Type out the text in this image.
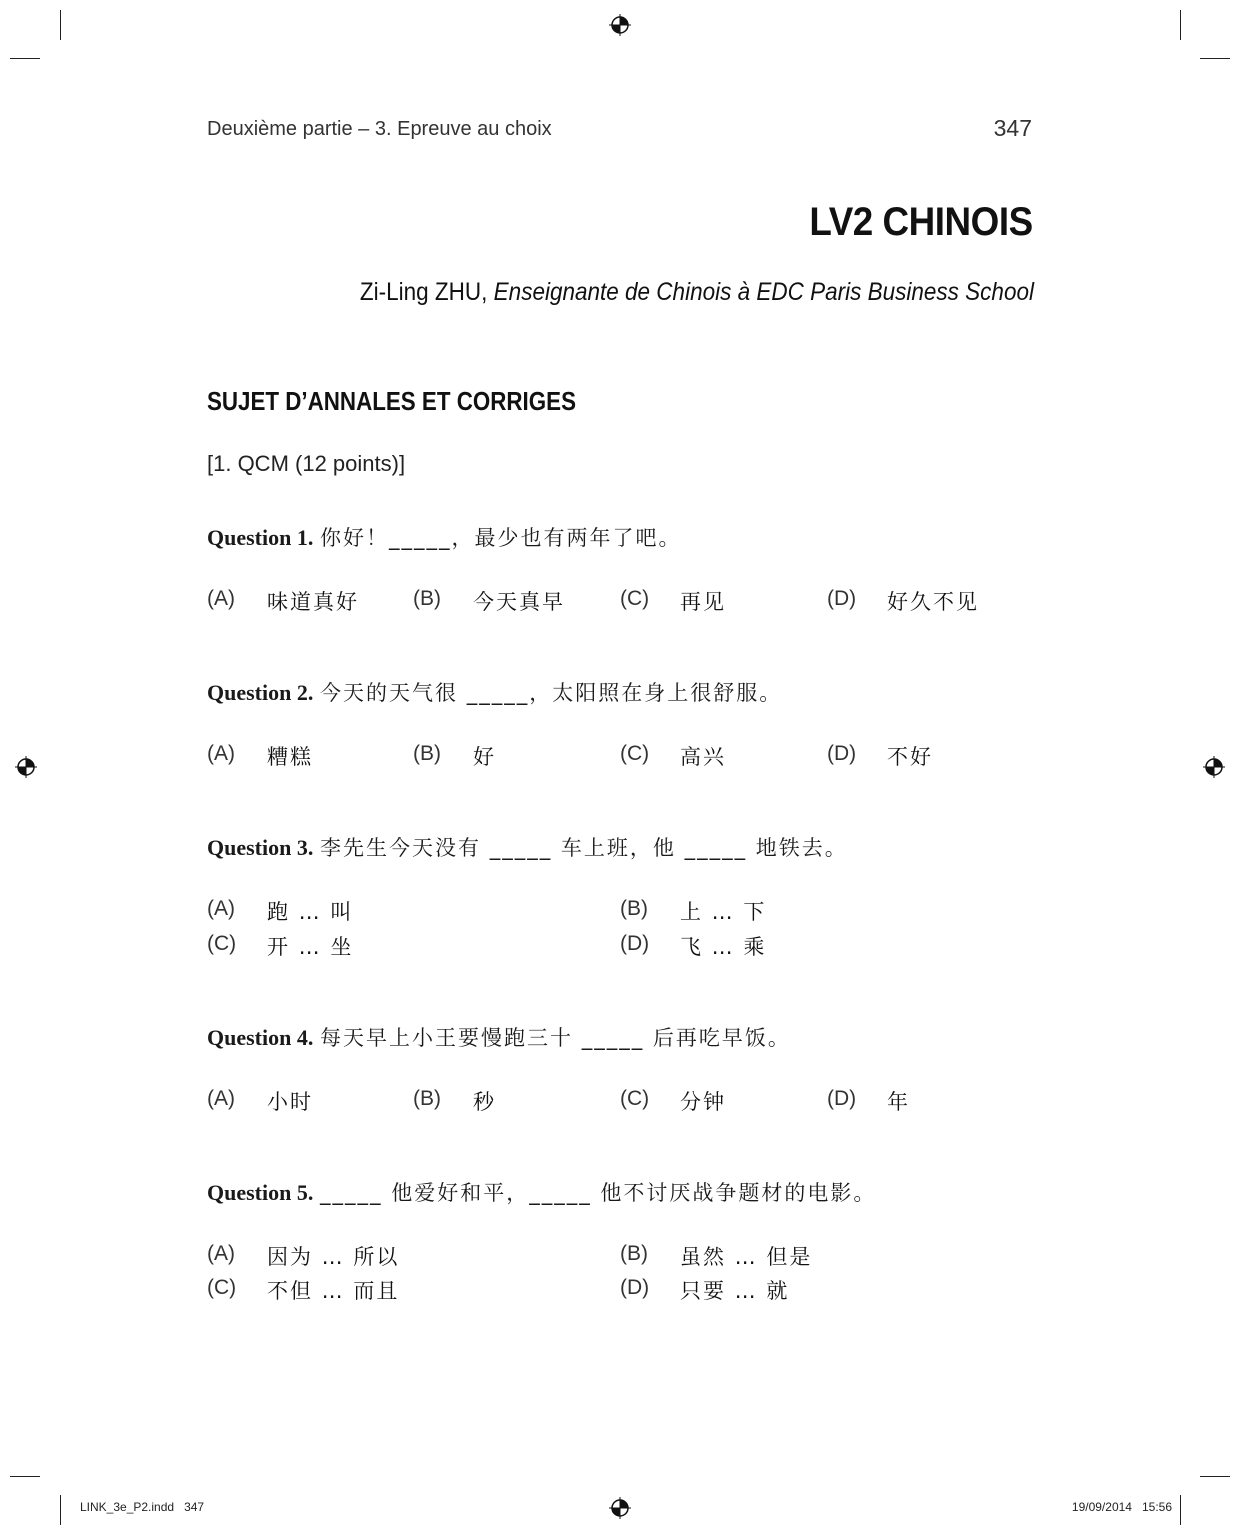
Deuxième partie – 3. Epreuve au choix	347
LV2 CHINOIS
Zi-Ling ZHU, Enseignante de Chinois à EDC Paris Business School
SUJET D’ANNALES ET CORRIGES
[1. QCM (12 points)]
Question 1. 你好！_____，最少也有两年了吧。
(A) 味道真好	(B) 今天真早	(C) 再见	(D) 好久不见
Question 2. 今天的天气很 _____，太阳照在身上很舒服。
(A) 糟糕	(B) 好	(C) 高兴	(D) 不好
Question 3. 李先生今天没有 _____ 车上班，他 _____ 地铁去。
(A) 跑 … 叫	(B) 上 … 下
(C) 开 … 坐	(D) 飞 … 乘
Question 4. 每天早上小王要慢跑三十 _____ 后再吃早饭。
(A) 小时	(B) 秒	(C) 分钟	(D) 年
Question 5. _____ 他爱好和平，_____ 他不讨厌战争题材的电影。
(A) 因为 … 所以	(B) 虽然 … 但是
(C) 不但 … 而且	(D) 只要 … 就
LINK_3e_P2.indd   347	19/09/2014   15:56
